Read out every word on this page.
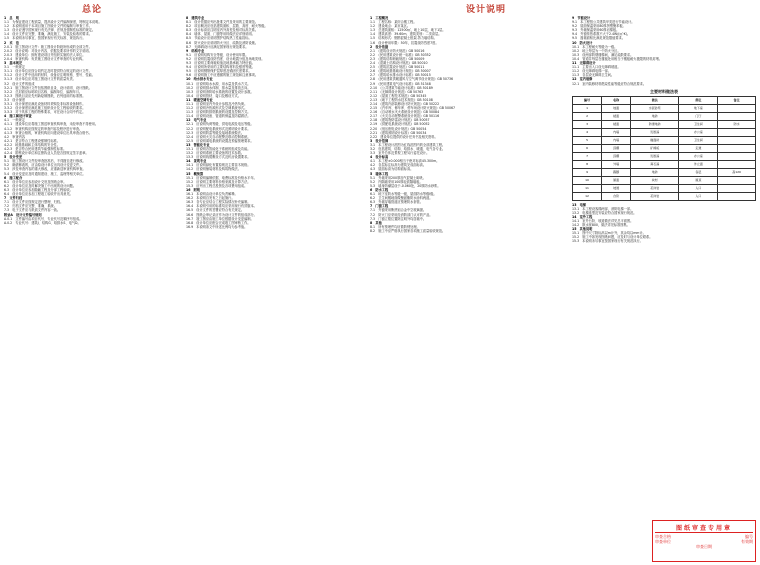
总论	设计说明
1　总　则
1.1　为保证建设工程质量，提高设计文件编制深度，特制定本说明。
1.2　本说明适用于本项目施工图设计文件的编制与审查工作。
1.3　设计应遵守国家现行有关法律、法规及强制性标准的规定。
1.4　设计文件应完整、准确，满足施工、安装及验收的要求。
1.5　本说明未尽事宜，按国家现行有关标准、规范执行。
2　术　语
2.0.1　施工图设计文件：施工图设计阶段所形成的全部文件。
2.0.2　设计说明：对设计内容、依据及要求所作的文字说明。
2.0.3　建设单位：拥有建设项目并组织实施的法人单位。
2.0.4　审查机构：负责施工图设计文件审查的专业机构。
3　基本规定
3.1　一般规定
3.1.1　设计单位应按合同约定及时提供符合规定的设计文件。
3.1.2　设计文件中选用的材料、设备应注明规格、型号、性能。
3.1.3　设计单位应对施工图设计文件的质量负责。
3.2　设计文件的组成
3.2.1　施工图设计文件包括图纸目录、设计说明、设计图纸。
3.2.2　总封面应标明项目名称、编制单位、编制年月。
3.2.3　图纸目录应先列新绘制图纸，后列选用的标准图。
3.3　设计深度
3.3.1　设计深度应满足设备材料采购及非标准设备制作。
3.3.2　设计深度应满足施工组织设计及工程验收的要求。
3.3.3　对于具体工程的特殊要求，可在设计合同中约定。
4　施工图设计审查
4.1　一般规定
4.1.1　建设单位应将施工图送审查机构审查，未经审查不得使用。
4.1.2　审查机构应按规定的审查内容及程序进行审查。
4.1.3　审查合格的，审查机构应向建设单位出具审查合格书。
4.2　审查内容
4.2.1　是否符合工程建设强制性标准。
4.2.2　地基基础和主体结构的安全性。
4.2.3　是否符合民用建筑节能强制性标准。
4.2.4　勘察设计单位和注册执业人员是否按规定签字盖章。
5　设计变更
5.1　施工图设计文件经审查批准后，不得擅自进行修改。
5.2　确需修改的，应由原设计单位出具设计变更文件。
5.3　涉及审查内容的重大修改，应重新送审查机构审查。
5.4　设计变更应及时通知建设、施工、监理等相关单位。
6　施工配合
6.1　设计单位应参加设计交底及图纸会审。
6.2　设计单位应及时解决施工中出现的设计问题。
6.3　设计单位应参加隐蔽工程及分部工程验收。
6.4　设计单位应参加工程竣工验收并出具意见。
7　文件归档
7.1　设计文件应按规定进行整理、归档。
7.2　归档文件应完整、准确、系统。
7.3　电子文件应与纸质文件内容一致。
附录A　设计文件编号规则
A.0.1　文件编号由项目代号、专业代号及顺序号组成。
A.0.2　专业代号：建筑J、结构G、给排水S、电气D。
8　建筑专业
8.1　设计依据应列出批准文件及采用的主要规范。
8.2　项目概况应包括建筑面积、层数、高度、耐火等级。
8.3　设计标高应注明室内外高差及相对标高关系。
8.4　墙体、屋面、门窗等用料做法应详细说明。
8.5　节能设计应说明围护结构热工性能指标。
8.6　防火设计应说明防火分区、疏散及消防设施。
8.7　无障碍设计应满足国家现行规范要求。
9　结构专业
9.1　应说明结构安全等级、设计使用年限。
9.2　应说明抗震设防烈度、设计地震分组及场地类别。
9.3　应说明主要荷载取值及地基承载力特征值。
9.4　应说明所采用的主要结构材料及强度等级。
9.5　应说明钢筋保护层厚度及锚固长度要求。
9.6　应说明施工中应遵循的施工规范和注意事项。
10　给水排水专业
10.1　应说明给水水源、用水量及供水方式。
10.2　应说明排水体制、排水量及排放去向。
10.3　应说明消防给水系统的设置及设计参数。
10.4　应说明管材、接口及敷设方式。
11　暖通空调专业
11.1　应说明室内外设计参数及冷热负荷。
11.2　应说明冷热源形式及空调系统形式。
11.3　应说明防排烟系统的设置及控制方式。
11.4　应说明设备、管道的保温及防腐做法。
12　电气专业
12.1　应说明负荷等级、供电电源及电压等级。
12.2　应说明配电系统形式及照明设计要求。
12.3　应说明防雷等级及接地系统做法。
12.4　应说明火灾自动报警及联动控制系统。
12.5　应说明弱电系统的设置及预留预埋要求。
13　智能化专业
13.1　应说明各智能化子系统的组成及功能。
13.2　应说明系统主要设备的技术参数。
13.3　应说明线缆敷设方式及机房设置要求。
14　景观专业
14.1　应说明绿化布置原则及主要苗木规格。
14.2　应说明铺装材料及构筑物做法。
15　概预算
15.1　应说明编制依据、取费标准及价格水平年。
15.2　应说明主要材料价格来源及计算方法。
15.3　应列出工程总投资及各项费用组成。
16　附则
16.1　本说明由设计单位负责解释。
16.2　本说明自发布之日起施行。
16.3　各专业应结合工程实际情况补充编制。
16.4　本说明引用的标准均应采用现行有效版本。
16.5　设计文件的签署应符合有关规定。
16.6　图纸会审记录应作为设计文件的组成部分。
16.7　竣工图应由施工单位根据设计变更编制。
16.8　设计单位应配合完成竣工图审核工作。
16.9　本说明条文中所述比例均为参考值。
1　工程概况
1.1　工程名称：某综合楼工程。
1.2　建设地点：某市某区。
1.3　总建筑面积：12500㎡，地上10层，地下1层。
1.4　建筑高度：39.60m，建筑类别：二类高层。
1.5　结构形式：钢筋混凝土框架-剪力墙结构。
1.6　设计使用年限：50年，抗震设防烈度7度。
2　设计依据
2.1　《建筑设计防火规范》GB 50016
2.2　《民用建筑设计统一标准》GB 50352
2.3　《建筑结构荷载规范》GB 50009
2.4　《混凝土结构设计规范》GB 50010
2.5　《建筑抗震设计规范》GB 50011
2.6　《建筑地基基础设计规范》GB 50007
2.7　《建筑给水排水设计标准》GB 50015
2.8　《民用建筑供暖通风与空气调节设计规范》GB 50736
2.9　《民用建筑电气设计标准》GB 51348
2.10　《公共建筑节能设计标准》GB 50189
2.11　《无障碍设计规范》GB 50763
2.12　《屋面工程技术规范》GB 50345
2.13　《地下工程防水技术规范》GB 50108
2.14　《建筑内部装修设计防火规范》GB 50222
2.15　《汽车库、修车库、停车场设计防火规范》GB 50067
2.16　《自动喷水灭火系统设计规范》GB 50084
2.17　《火灾自动报警系统设计规范》GB 50116
2.18　《建筑物防雷设计规范》GB 50057
2.19　《供配电系统设计规范》GB 50052
2.20　《低压配电设计规范》GB 50054
2.21　《建筑照明设计标准》GB 50034
2.22　建设单位提供的设计任务书及相关资料。
3　设计范围
3.1　本工程设计范围为红线范围内的全部建筑工程。
3.2　包括建筑、结构、给排水、暖通、电气各专业。
3.3　室外总体及景观工程另行委托设计。
4　设计标高
4.1　本工程±0.000相当于绝对标高45.300m。
4.2　各层标注标高为建筑完成面标高。
4.3　屋面标高为结构面标高。
5　墙体工程
5.1　外墙采用200厚加气混凝土砌块。
5.2　内隔墙采用100厚轻质隔墙板。
5.3　墙身防潮层设于-0.060处，20厚防水砂浆。
6　防水工程
6.1　地下室防水等级一级，屋面防水等级Ⅰ级。
6.2　卫生间楼地面做聚氨酯防水涂料两道。
6.3　外墙穿墙管道应预埋防水套管。
7　门窗工程
7.1　外窗采用断热铝合金中空玻璃窗。
7.2　防火门应采用经消防部门认可的产品。
7.3　门窗立樘位置除注明外均居墙中。
8　其他
8.1　所有预埋件均应做防锈处理。
8.2　施工中应严格执行国家各项施工质量验收规范。
9　节能设计
9.1　本工程按公共建筑甲类进行节能设计。
9.2　屋面保温采用80厚挤塑聚苯板。
9.3　外墙保温采用60厚岩棉板。
9.4　外窗传热系数不大于2.4W/(㎡·K)。
9.5　窗墙面积比满足规范限值要求。
10　防火设计
10.1　本工程耐火等级为一级。
10.2　地上每层为一个防火分区。
10.3　设两部防烟楼梯间，满足疏散要求。
10.4　管道井每层在楼板处用相当于楼板耐火极限的材料封堵。
11　无障碍设计
11.1　主要出入口设无障碍坡道。
11.2　设无障碍电梯一部。
11.3　各层设无障碍卫生间。
12　室内装修
12.1　室内装修材料燃烧性能等级应符合规范要求。
主要材料做法表
编号	名称	做法	部位	备注
1	地面	水泥砂浆	地下室	
2	楼面	地砖	门厅	
3	楼面	防滑地砖	卫生间	防水
4	内墙	乳胶漆	办公室	
5	内墙	釉面砖	卫生间	
6	顶棚	矿棉板	走道	
7	顶棚	乳胶漆	办公室	
8	外墙	真石漆	外立面	
9	踢脚	地砖	各层	高120
10	屋面	块材	屋顶	
11	坡道	花岗岩	入口	
12	台阶	花岗岩	入口	
13　电梯
13.1　本工程设客梯两部，消防电梯一部。
13.2　电梯选型及安装应符合国家现行规范。
14　室外工程
14.1　室外台阶、坡道做法详见总平面图。
14.2　散水宽800，做法详见标准图集。
15　其他说明
15.1　图中尺寸除标高以m计外，其余均以mm计。
15.2　施工中如发现图纸问题，应及时与设计单位联系。
15.3　本说明未尽事宜按国家现行有关规范执行。
图纸审查专用章
审查合格	编号
审查单位	有效期
审查日期
